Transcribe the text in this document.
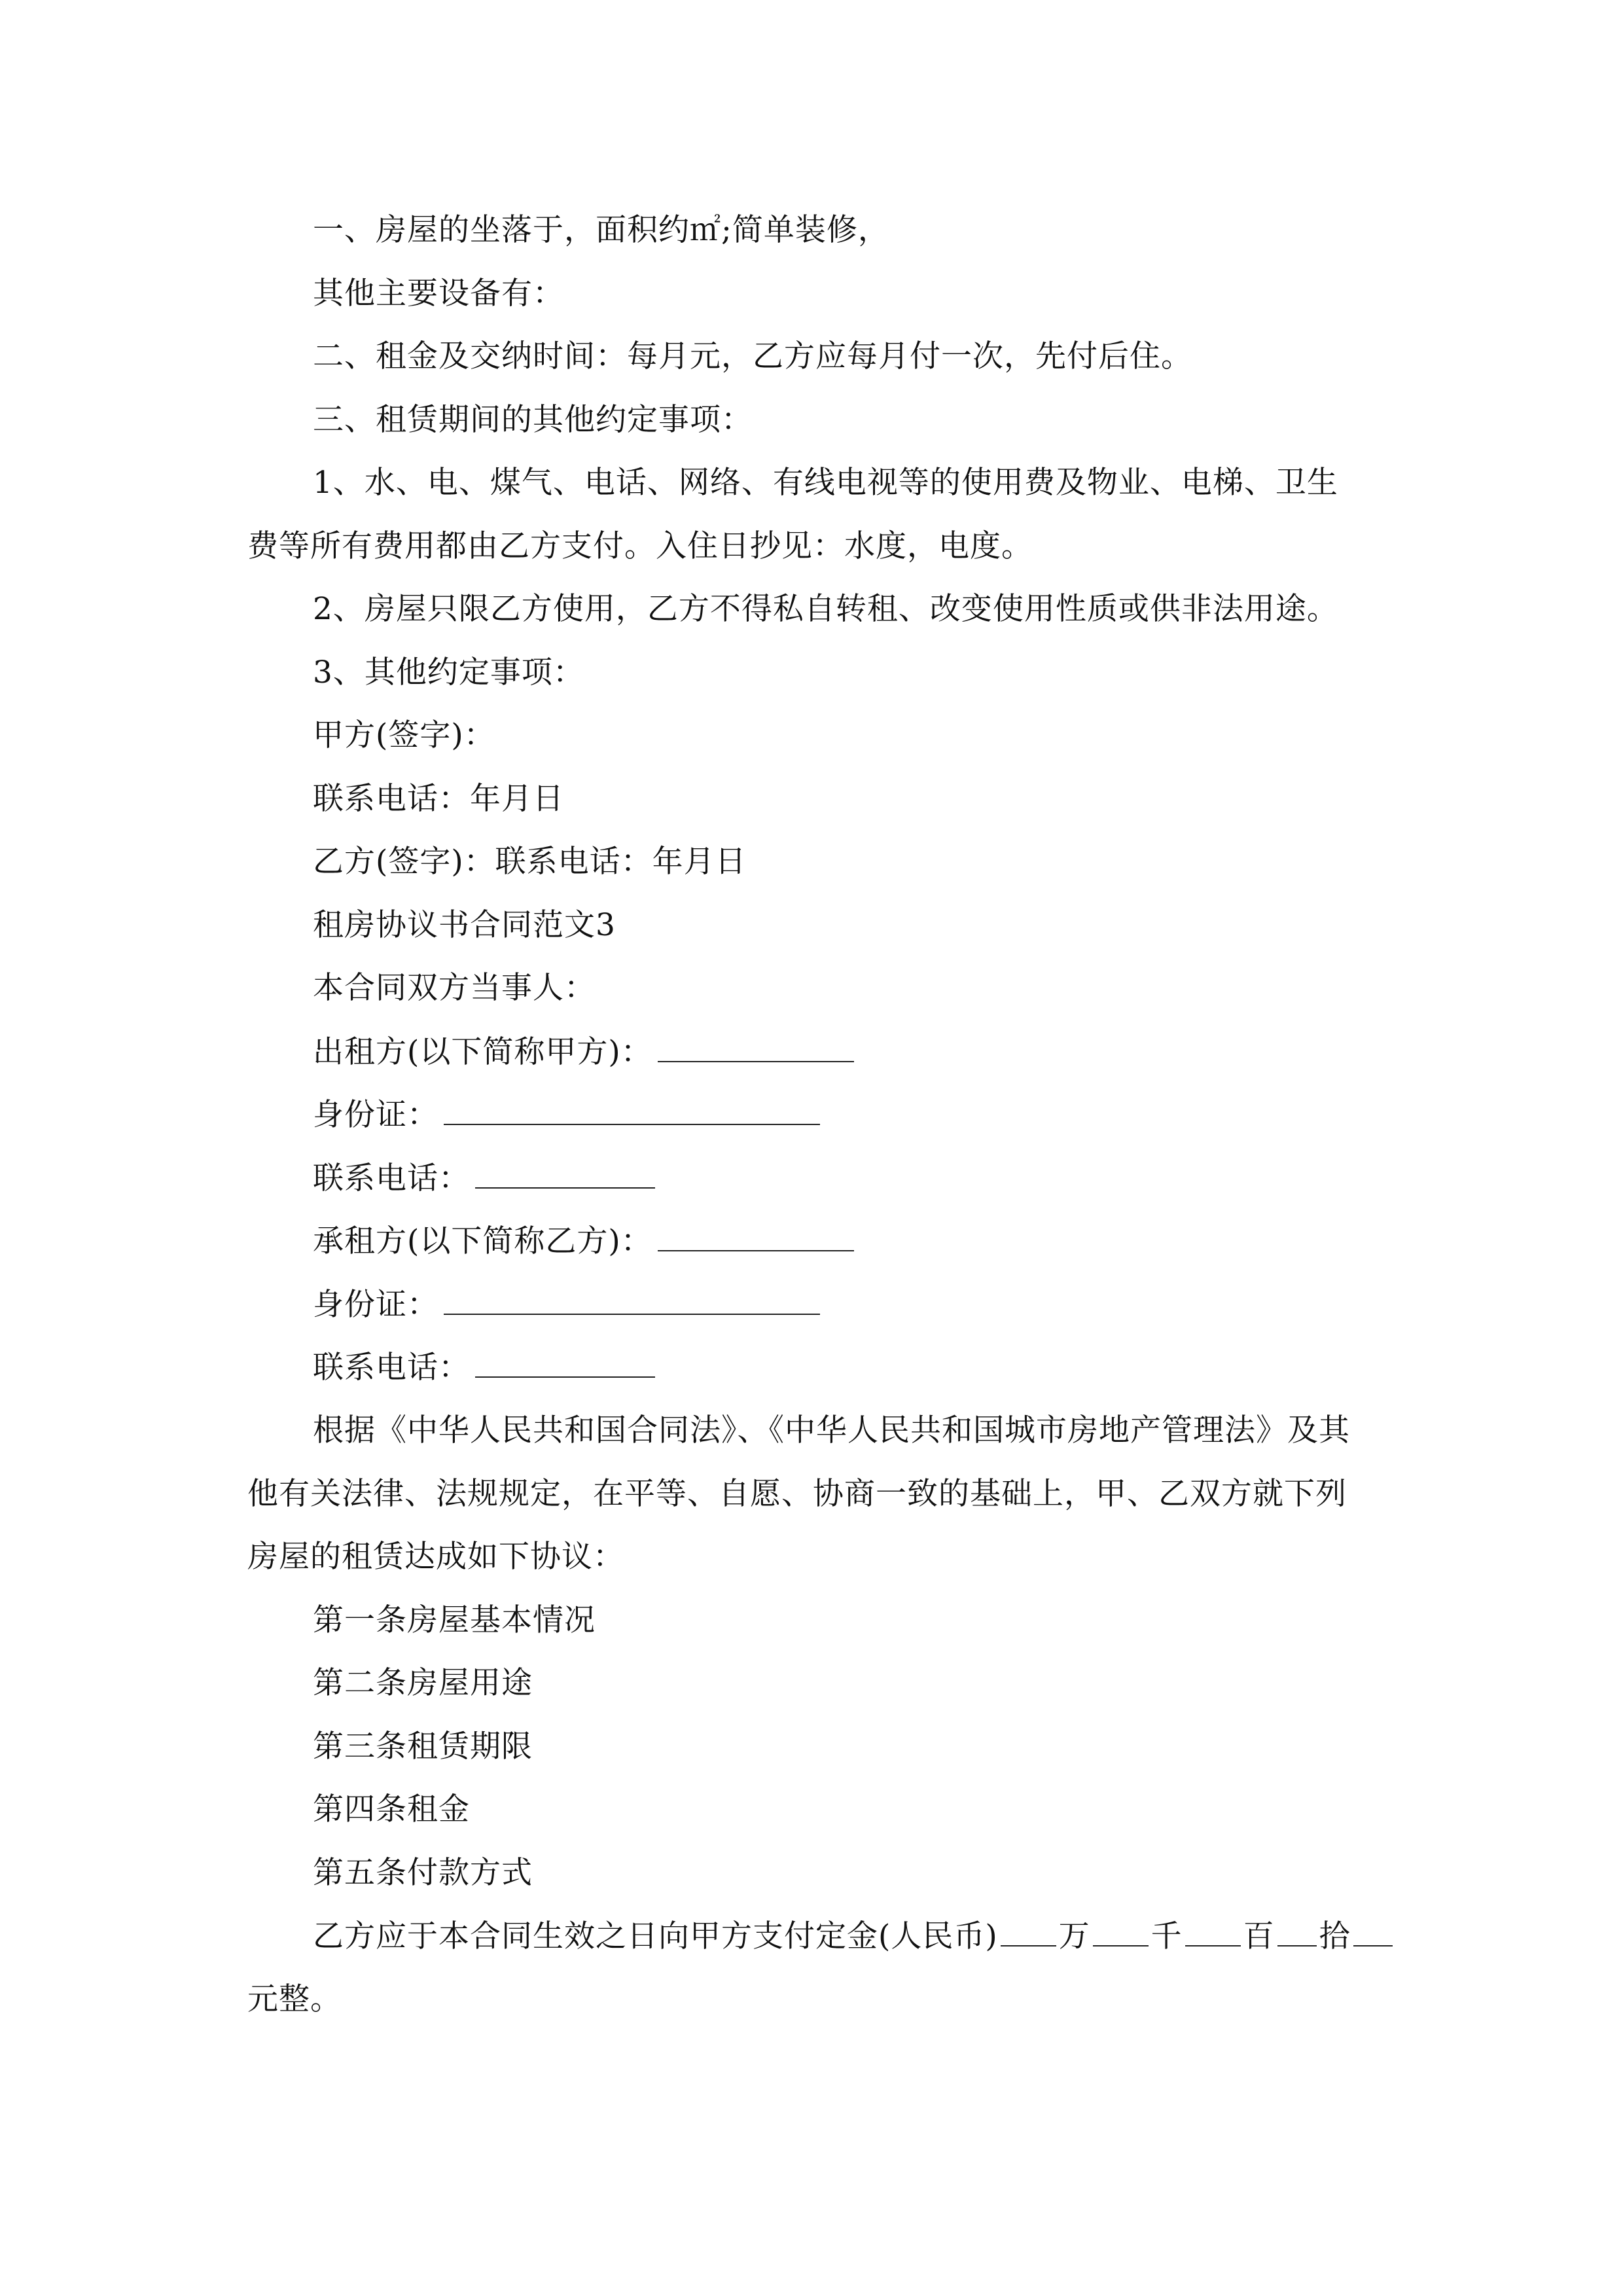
一、房屋的坐落于，面积约㎡;简单装修，
其他主要设备有：
二、租金及交纳时间：每月元，乙方应每月付一次，先付后住。
三、租赁期间的其他约定事项：
1、水、电、煤气、电话、网络、有线电视等的使用费及物业、电梯、卫生
费等所有费用都由乙方支付。入住日抄见：水度，电度。
2、房屋只限乙方使用，乙方不得私自转租、改变使用性质或供非法用途。
3、其他约定事项：
甲方(签字)：
联系电话：年月日
乙方(签字)：联系电话：年月日
租房协议书合同范文3
本合同双方当事人：
出租方(以下简称甲方)：
身份证：
联系电话：
承租方(以下简称乙方)：
身份证：
联系电话：
根据《中华人民共和国合同法》、《中华人民共和国城市房地产管理法》及其
他有关法律、法规规定，在平等、自愿、协商一致的基础上，甲、乙双方就下列
房屋的租赁达成如下协议：
第一条房屋基本情况
第二条房屋用途
第三条租赁期限
第四条租金
第五条付款方式
乙方应于本合同生效之日向甲方支付定金(人民币) 万 千 百 拾
元整。
